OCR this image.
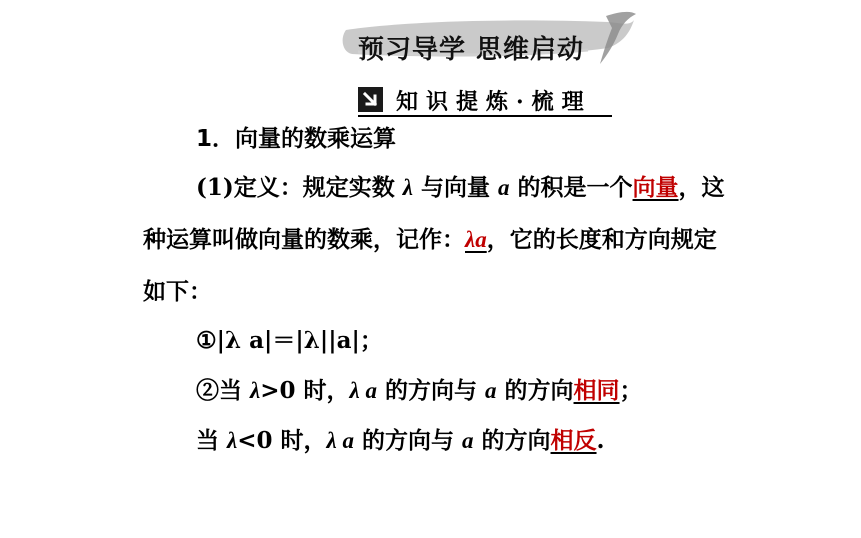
预习导学 思维启动
知识提炼·梳理
1．向量的数乘运算
(1)定义：规定实数 λ 与向量 a 的积是一个向量，这
种运算叫做向量的数乘，记作：λa，它的长度和方向规定
如下：
①|λ a|＝|λ||a|；
②当 λ>0 时，λ a 的方向与 a 的方向相同；
当 λ<0 时，λ a 的方向与 a 的方向相反.
